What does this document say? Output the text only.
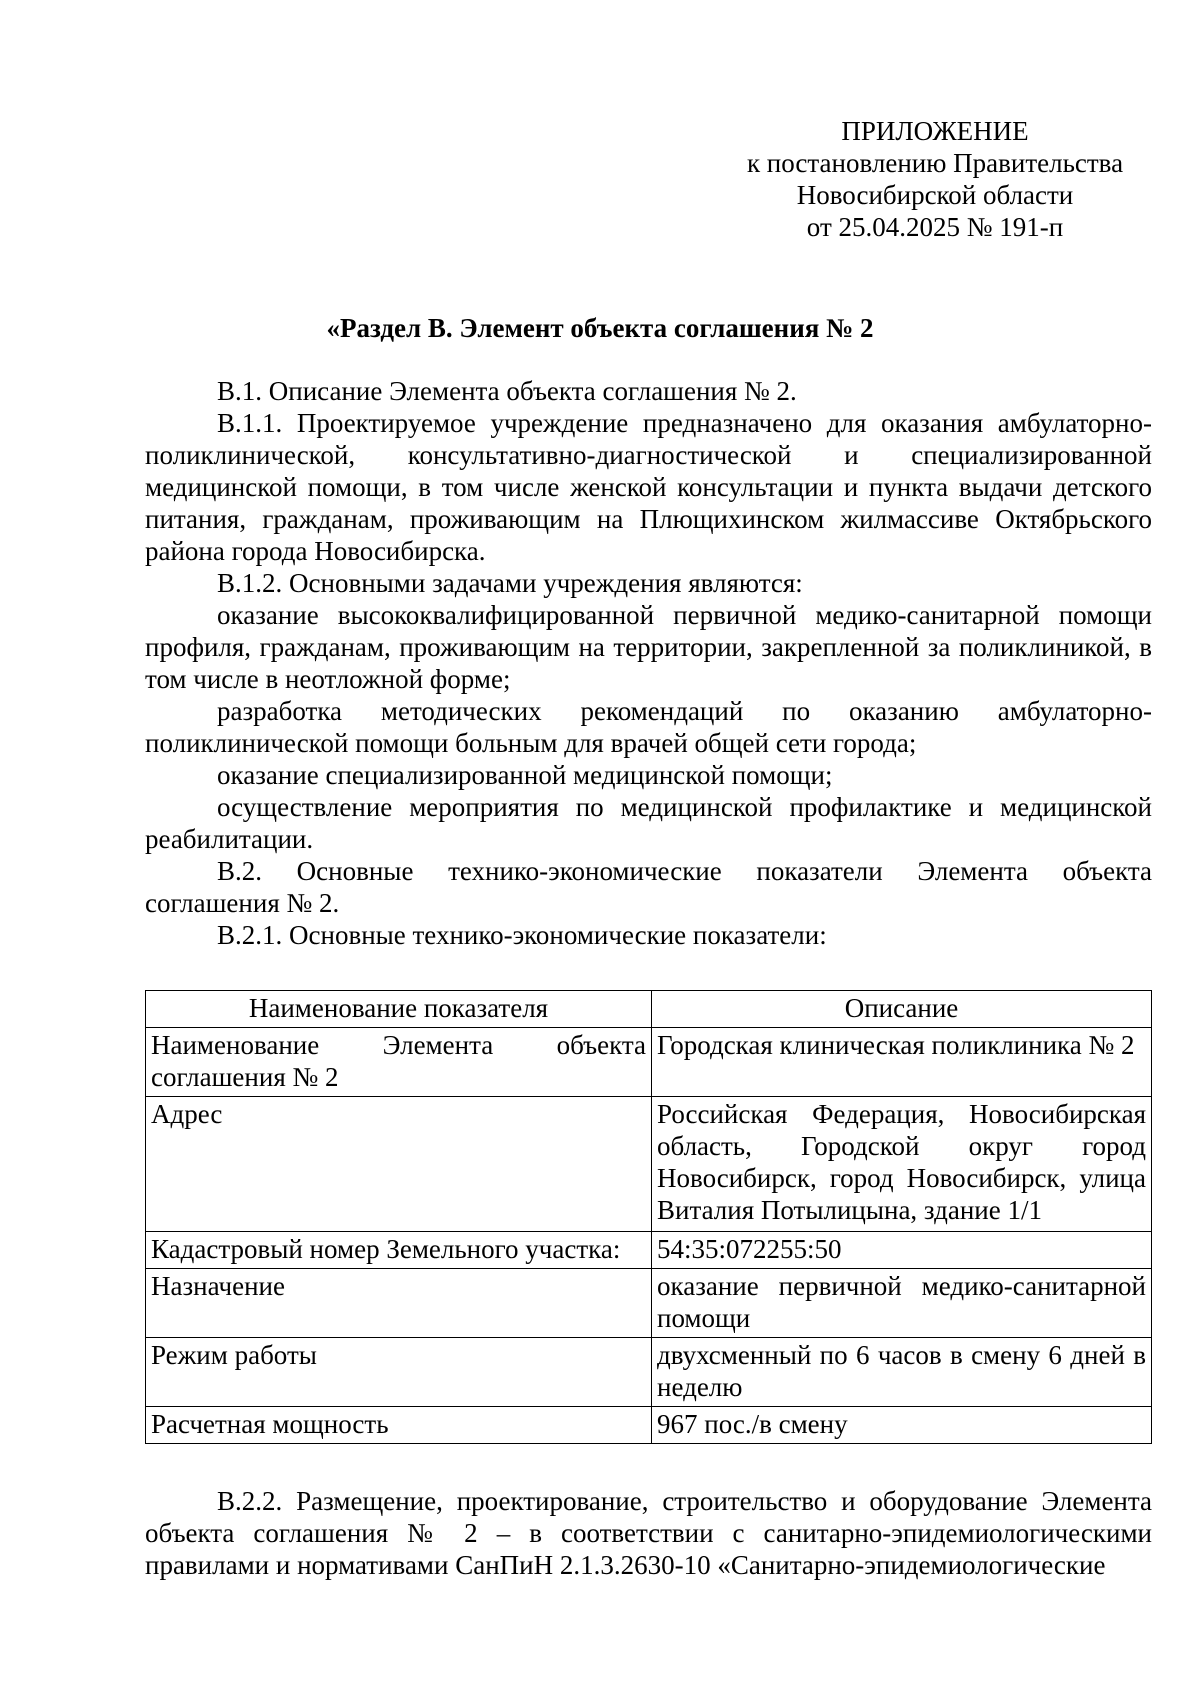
ПРИЛОЖЕНИЕ
к постановлению Правительства
Новосибирской области
от 25.04.2025 № 191-п
«Раздел В. Элемент объекта соглашения № 2

В.1. Описание Элемента объекта соглашения № 2.

В.1.1. Проектируемое учреждение предназначено для оказания амбулаторно-поликлинической, консультативно-диагностической и специализированной медицинской помощи, в том числе женской консультации и пункта выдачи детского питания, гражданам, проживающим на Плющихинском жилмассиве Октябрьского района города Новосибирска.

В.1.2. Основными задачами учреждения являются:

оказание высококвалифицированной первичной медико-санитарной помощи профиля, гражданам, проживающим на территории, закрепленной за поликлиникой, в том числе в неотложной форме;

разработка методических рекомендаций по оказанию амбулаторно-поликлинической помощи больным для врачей общей сети города;

оказание специализированной медицинской помощи;

осуществление мероприятия по медицинской профилактике и медицинской реабилитации.

В.2. Основные технико-экономические показатели Элемента объекта соглашения № 2.

В.2.1. Основные технико-экономические показатели:

Наименование показателя	Описание
Наименование Элемента объекта соглашения № 2	Городская клиническая поликлиника № 2
Адрес	Российская Федерация, Новосибирская область, Городской округ город Новосибирск, город Новосибирск, улица Виталия Потылицына, здание 1/1
Кадастровый номер Земельного участка:	54:35:072255:50
Назначение	оказание первичной медико-санитарной помощи
Режим работы	двухсменный по 6 часов в смену 6 дней в неделю
Расчетная мощность	967 пос./в смену

В.2.2. Размещение, проектирование, строительство и оборудование Элемента объекта соглашения № 2 – в соответствии с санитарно-эпидемиологическими правилами и нормативами СанПиН 2.1.3.2630-10 «Санитарно-эпидемиологические
